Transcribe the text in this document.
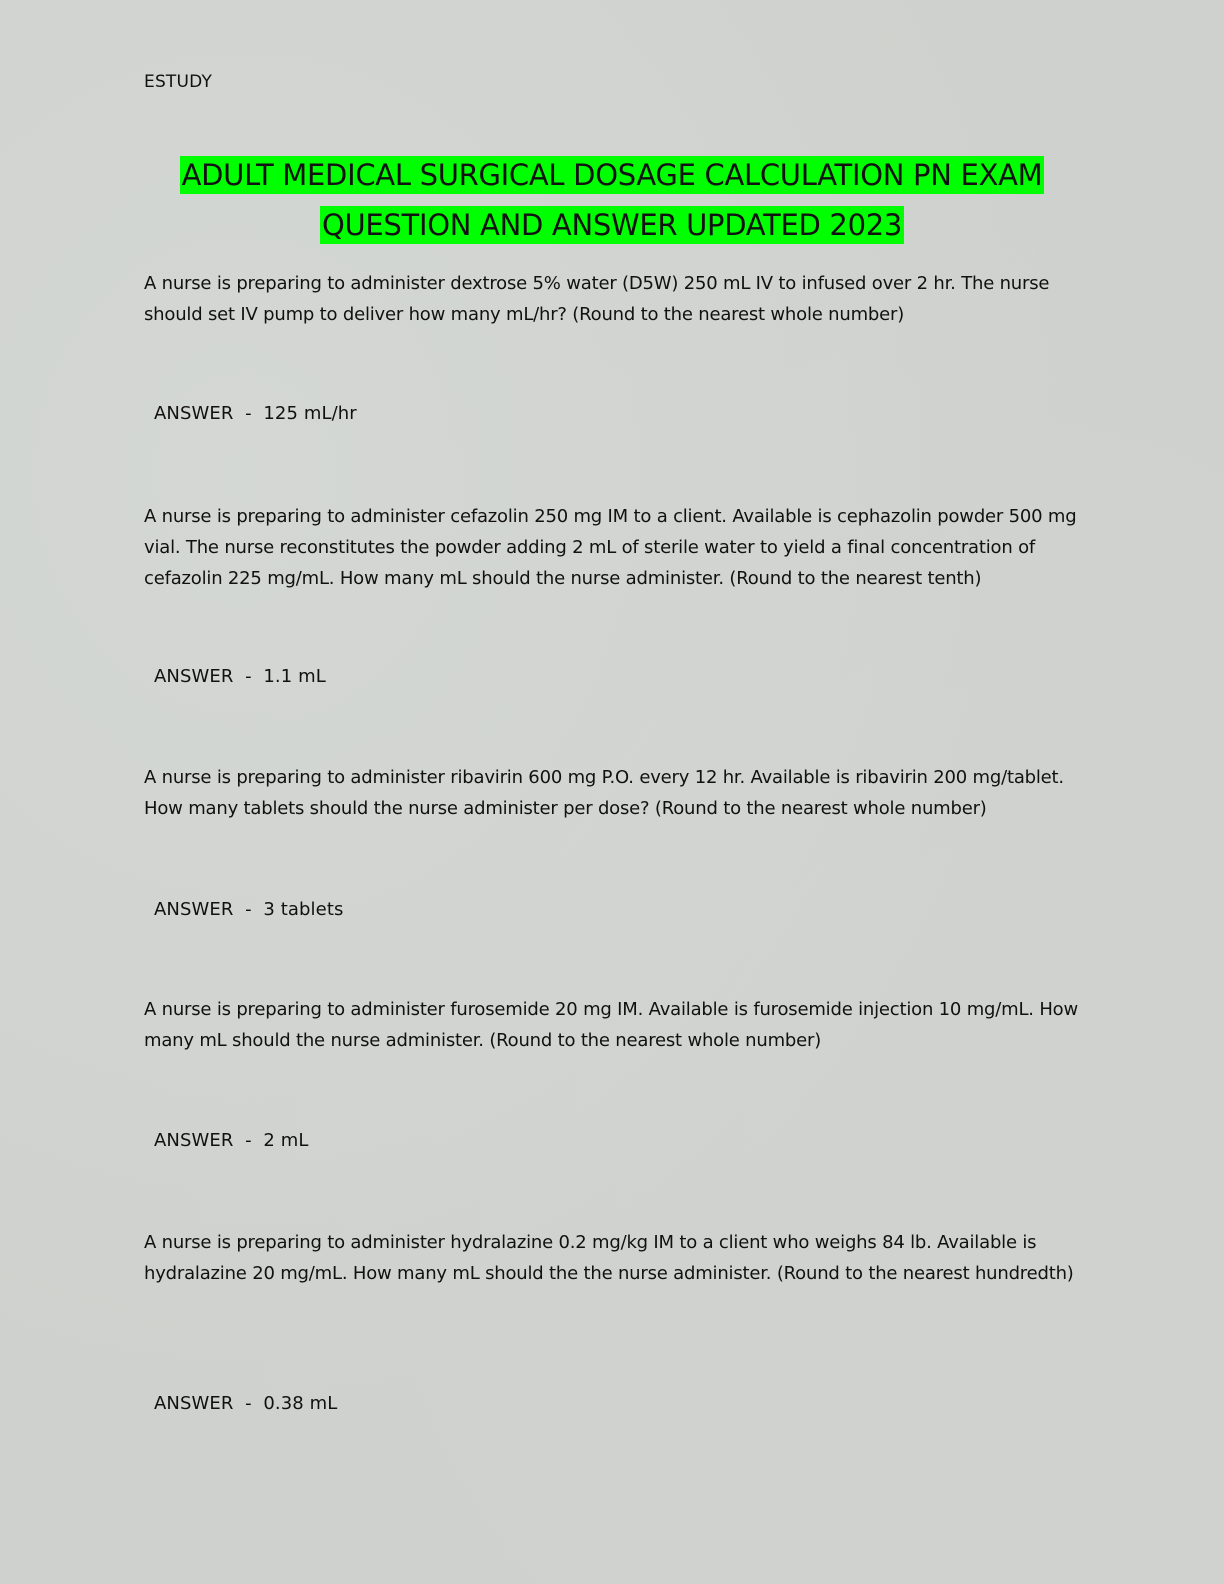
ESTUDY
ADULT MEDICAL SURGICAL DOSAGE CALCULATION PN EXAM
QUESTION AND ANSWER UPDATED 2023
A nurse is preparing to administer dextrose 5% water (D5W) 250 mL IV to infused over 2 hr. The nurse should set IV pump to deliver how many mL/hr? (Round to the nearest whole number)
ANSWER  -  125 mL/hr
A nurse is preparing to administer cefazolin 250 mg IM to a client. Available is cephazolin powder 500 mg vial. The nurse reconstitutes the powder adding 2 mL of sterile water to yield a final concentration of cefazolin 225 mg/mL. How many mL should the nurse administer. (Round to the nearest tenth)
ANSWER  -  1.1 mL
A nurse is preparing to administer ribavirin 600 mg P.O. every 12 hr. Available is ribavirin 200 mg/tablet. How many tablets should the nurse administer per dose? (Round to the nearest whole number)
ANSWER  -  3 tablets
A nurse is preparing to administer furosemide 20 mg IM. Available is furosemide injection 10 mg/mL. How many mL should the nurse administer. (Round to the nearest whole number)
ANSWER  -  2 mL
A nurse is preparing to administer hydralazine 0.2 mg/kg IM to a client who weighs 84 lb. Available is hydralazine 20 mg/mL. How many mL should the the nurse administer. (Round to the nearest hundredth)
ANSWER  -  0.38 mL
